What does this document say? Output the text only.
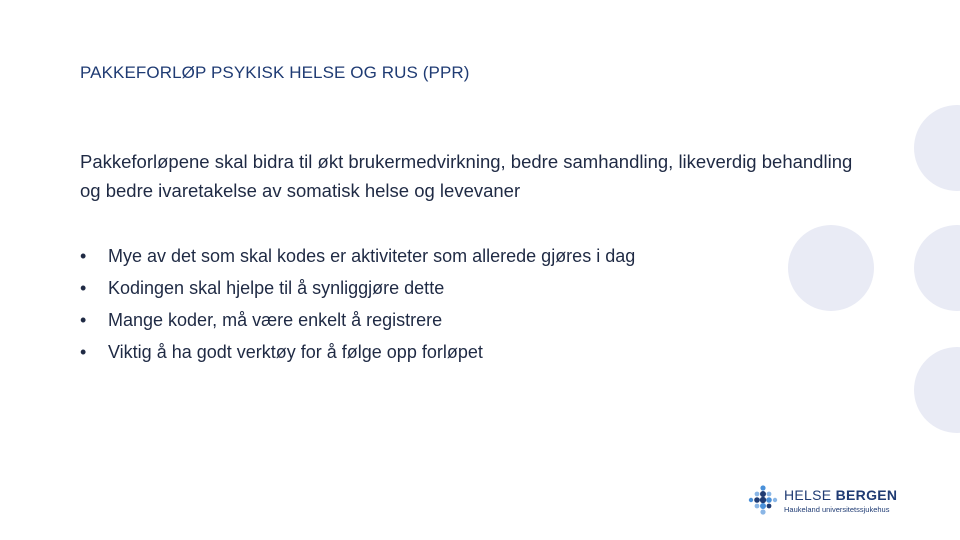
PAKKEFORLØP PSYKISK HELSE OG RUS (PPR)
Pakkeforløpene skal bidra til økt brukermedvirkning, bedre samhandling, likeverdig behandling og bedre ivaretakelse av somatisk helse og levevaner
•	Mye av det som skal kodes er aktiviteter som allerede gjøres i dag
•	Kodingen skal hjelpe til å synliggjøre dette
•	Mange koder, må være enkelt å registrere
•	Viktig å ha godt verktøy for å følge opp forløpet
HELSE BERGEN
Haukeland universitetssjukehus
